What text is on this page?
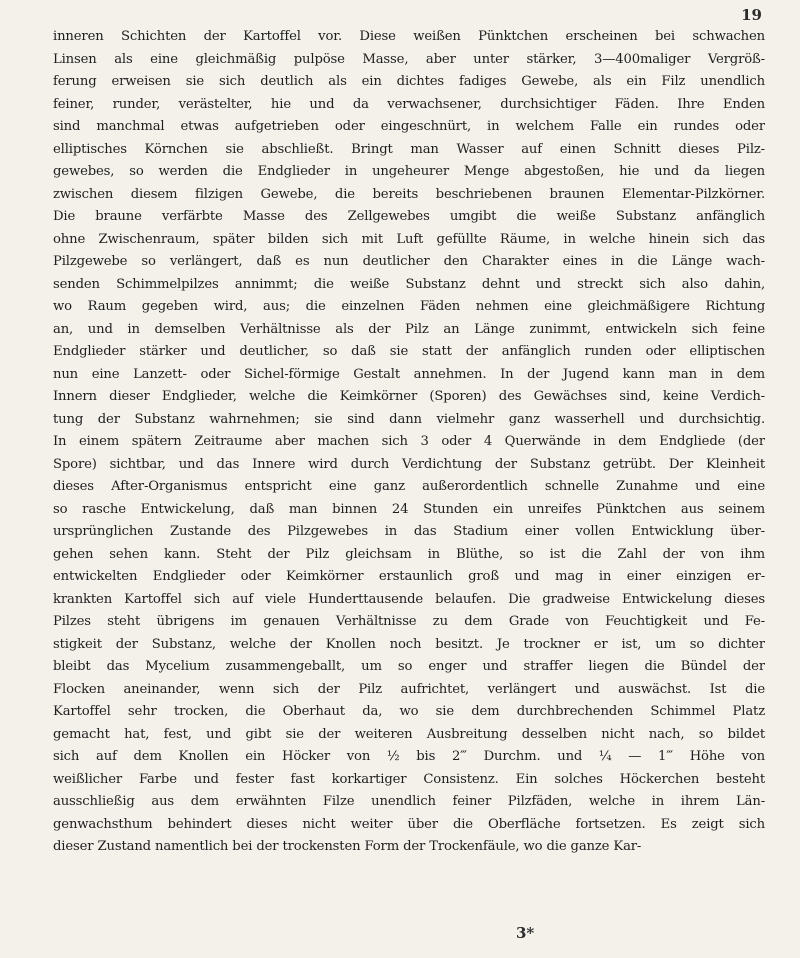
19
inneren Schichten der Kartoffel vor. Diese weißen Pünktchen erscheinen bei schwachen
Linsen als eine gleichmäßig pulpöse Masse, aber unter stärker, 3—400maliger Vergröß-
ferung erweisen sie sich deutlich als ein dichtes fadiges Gewebe, als ein Filz unendlich
feiner, runder, verästelter, hie und da verwachsener, durchsichtiger Fäden. Ihre Enden
sind manchmal etwas aufgetrieben oder eingeschnürt, in welchem Falle ein rundes oder
elliptisches Körnchen sie abschließt. Bringt man Wasser auf einen Schnitt dieses Pilz-
gewebes, so werden die Endglieder in ungeheurer Menge abgestoßen, hie und da liegen
zwischen diesem filzigen Gewebe, die bereits beschriebenen braunen Elementar-Pilzkörner.
Die braune verfärbte Masse des Zellgewebes umgibt die weiße Substanz anfänglich
ohne Zwischenraum, später bilden sich mit Luft gefüllte Räume, in welche hinein sich das
Pilzgewebe so verlängert, daß es nun deutlicher den Charakter eines in die Länge wach-
senden Schimmelpilzes annimmt; die weiße Substanz dehnt und streckt sich also dahin,
wo Raum gegeben wird, aus; die einzelnen Fäden nehmen eine gleichmäßigere Richtung
an, und in demselben Verhältnisse als der Pilz an Länge zunimmt, entwickeln sich feine
Endglieder stärker und deutlicher, so daß sie statt der anfänglich runden oder elliptischen
nun eine Lanzett- oder Sichel-förmige Gestalt annehmen. In der Jugend kann man in dem
Innern dieser Endglieder, welche die Keimkörner (Sporen) des Gewächses sind, keine Verdich-
tung der Substanz wahrnehmen; sie sind dann vielmehr ganz wasserhell und durchsichtig.
In einem spätern Zeitraume aber machen sich 3 oder 4 Querwände in dem Endgliede (der
Spore) sichtbar, und das Innere wird durch Verdichtung der Substanz getrübt. Der Kleinheit
dieses After-Organismus entspricht eine ganz außerordentlich schnelle Zunahme und eine
so rasche Entwickelung, daß man binnen 24 Stunden ein unreifes Pünktchen aus seinem
ursprünglichen Zustande des Pilzgewebes in das Stadium einer vollen Entwicklung über-
gehen sehen kann. Steht der Pilz gleichsam in Blüthe, so ist die Zahl der von ihm
entwickelten Endglieder oder Keimkörner erstaunlich groß und mag in einer einzigen er-
krankten Kartoffel sich auf viele Hunderttausende belaufen. Die gradweise Entwickelung dieses
Pilzes steht übrigens im genauen Verhältnisse zu dem Grade von Feuchtigkeit und Fe-
stigkeit der Substanz, welche der Knollen noch besitzt. Je trockner er ist, um so dichter
bleibt das Mycelium zusammengeballt, um so enger und straffer liegen die Bündel der
Flocken aneinander, wenn sich der Pilz aufrichtet, verlängert und auswächst. Ist die
Kartoffel sehr trocken, die Oberhaut da, wo sie dem durchbrechenden Schimmel Platz
gemacht hat, fest, und gibt sie der weiteren Ausbreitung desselben nicht nach, so bildet
sich auf dem Knollen ein Höcker von ½ bis 2‴ Durchm. und ¼ — 1‴ Höhe von
weißlicher Farbe und fester fast korkartiger Consistenz. Ein solches Höckerchen besteht
ausschließig aus dem erwähnten Filze unendlich feiner Pilzfäden, welche in ihrem Län-
genwachsthum behindert dieses nicht weiter über die Oberfläche fortsetzen. Es zeigt sich
dieser Zustand namentlich bei der trockensten Form der Trockenfäule, wo die ganze Kar-
3*
